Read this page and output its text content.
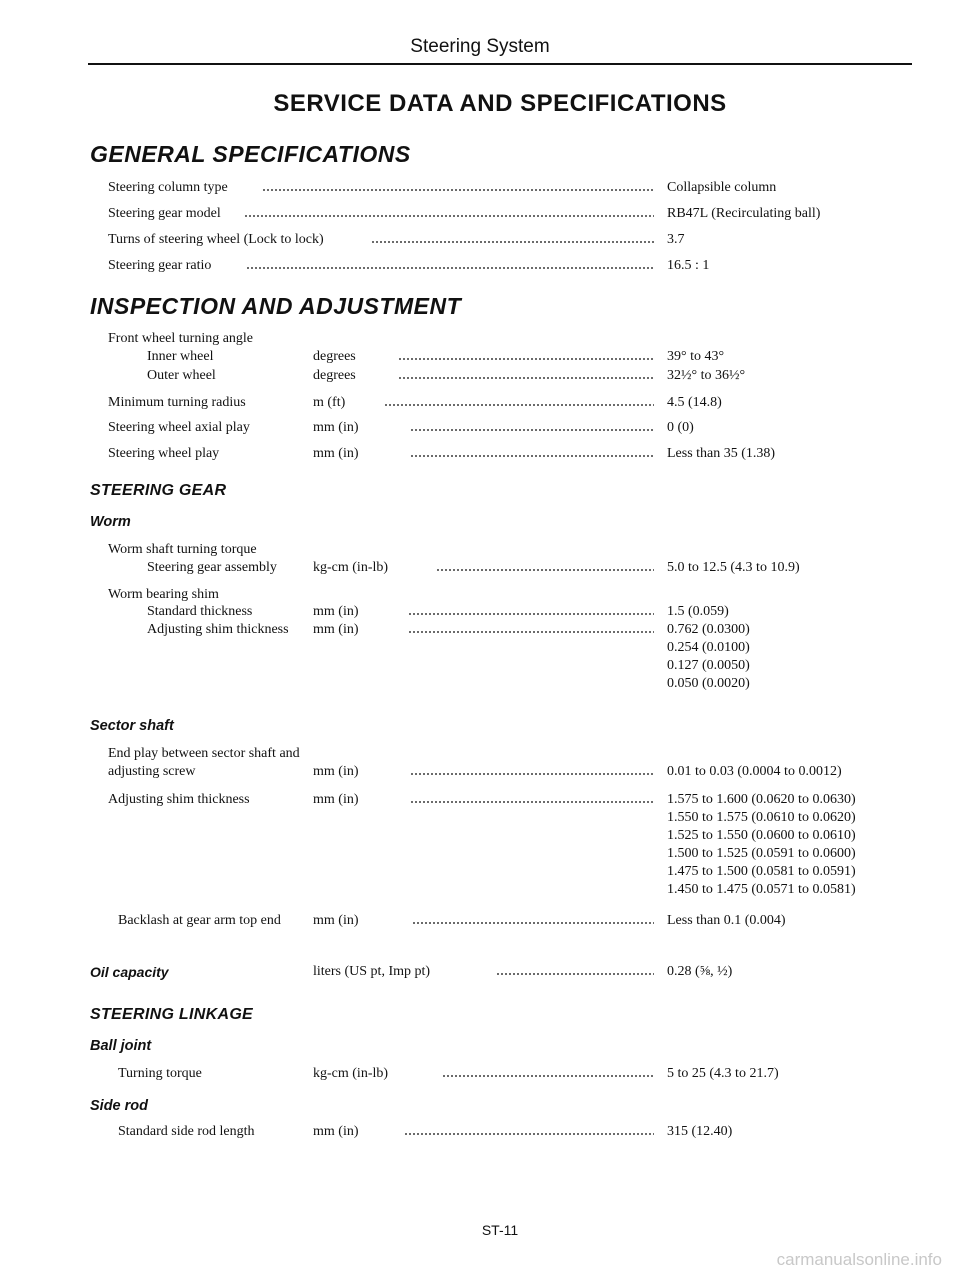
Steering System
SERVICE DATA AND SPECIFICATIONS
GENERAL SPECIFICATIONS
Steering column type	Collapsible column
Steering gear model	RB47L (Recirculating ball)
Turns of steering wheel (Lock to lock)	3.7
Steering gear ratio	16.5 : 1
INSPECTION AND ADJUSTMENT
Front wheel turning angle
Inner wheel	degrees	39° to 43°
Outer wheel	degrees	32½° to 36½°
Minimum turning radius	m (ft)	4.5 (14.8)
Steering wheel axial play	mm (in)	0 (0)
Steering wheel play	mm (in)	Less than 35 (1.38)
STEERING GEAR
Worm
Worm shaft turning torque
Steering gear assembly	kg-cm (in-lb)	5.0 to 12.5 (4.3 to 10.9)
Worm bearing shim
Standard thickness	mm (in)	1.5 (0.059)
Adjusting shim thickness mm (in)	0.762 (0.0300)
0.254 (0.0100)
0.127 (0.0050)
0.050 (0.0020)
Sector shaft
End play between sector shaft and
adjusting screw	mm (in)	0.01 to 0.03 (0.0004 to 0.0012)
Adjusting shim thickness	mm (in)	1.575 to 1.600 (0.0620 to 0.0630)
1.550 to 1.575 (0.0610 to 0.0620)
1.525 to 1.550 (0.0600 to 0.0610)
1.500 to 1.525 (0.0591 to 0.0600)
1.475 to 1.500 (0.0581 to 0.0591)
1.450 to 1.475 (0.0571 to 0.0581)
Backlash at gear arm top end mm (in)	Less than 0.1 (0.004)
Oil capacity	liters (US pt, Imp pt)	0.28 (⅝, ½)
STEERING LINKAGE
Ball joint
Turning torque	kg-cm (in-lb)	5 to 25 (4.3 to 21.7)
Side rod
Standard side rod length	mm (in)	315 (12.40)
ST-11
carmanualsonline.info
